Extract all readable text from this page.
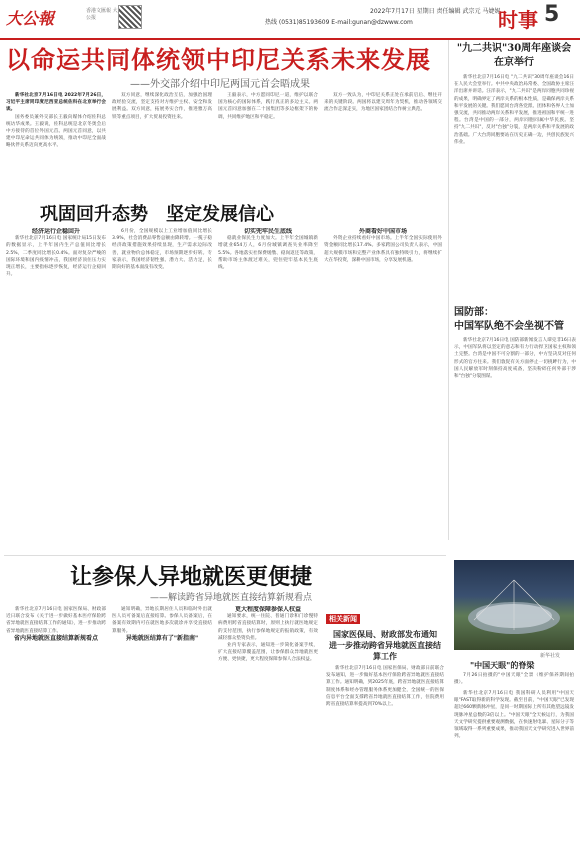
大公報	香港文匯報 大公报
2022年7月17日 星期日 责任编辑 武宗元 马婕妮
热线 (0531)85193609 E-mail:gunan@dzwww.com	时事 5
以命运共同体统领中印尼关系未来发展
——外交部介绍中印尼两国元首会晤成果

新华社北京7月16日电 2022年7月26日，习近平主席同印度尼西亚总统佐科在北京举行会谈。

国务委员兼外交部长王毅向媒体介绍佐科总统访华成果。王毅说，佐科总统是北京冬奥会后中方接待的首位外国元首。两国元首同意，以共建中印尼命运共同体为统领，推动中印尼全面战略伙伴关系迈向更高水平。

双方同意，继续深化政治互信，加强治国理政经验交流，坚定支持对方维护主权、安全和发展利益。双方同意，拓展务实合作，推进雅万高铁等重点项目，扩大贸易投资往来。

王毅表示，中方愿同印尼一道，维护以联合国为核心的国际体系，践行真正的多边主义。两国元首同意加强在二十国集团等多边框架下的协调，共同维护地区和平稳定。

双方一致认为，中印尼关系正处在承前启后、继往开来的关键阶段。两国将以建交周年为契机，推动各领域交流合作走深走实，为地区国家团结合作树立典范。

"九二共识"30周年座谈会在京举行

新华社北京7月16日电 "九二共识"30周年座谈会16日在人民大会堂举行。中共中央政治局常委、全国政协主席汪洋出席并讲话。汪洋表示，"九二共识"是两岸同胞共同珍视的成果，明确界定了两岸关系的根本性质，是确保两岸关系和平发展的关键。我们愿同台湾各党派、团体和各界人士加强交流，共同推动两岸关系和平发展，推进祖国和平统一进程。台湾是中国的一部分，两岸同胞同属中华民族。坚持"九二共识"，反对"台独"分裂，是两岸关系和平发展的政治基础。广大台湾同胞要站在历史正确一边，共创民族复兴伟业。

国防部：
中国军队绝不会坐视不管

新华社北京7月16日电 国防部新闻发言人谭克非16日表示，中国军队将以坚定的意志和有力行动捍卫国家主权和领土完整。台湾是中国不可分割的一部分，中方坚决反对任何形式的官方往来。我们敦促有关方面停止一切挑衅行为，中国人民解放军时刻保持高度戒备，坚决粉碎任何外部干涉和"台独"分裂图谋。

巩固回升态势　坚定发展信心
经济运行企稳回升

新华社北京7月16日电 国家统计局15日发布的数据显示，上半年国内生产总值同比增长2.5%，二季度同比增长0.4%。面对复杂严峻的国际环境和国内疫情冲击，我国经济顶住压力实现正增长，主要指标逐步恢复，经济运行企稳回升。

6月份，全国规模以上工业增加值同比增长3.9%，社会消费品零售总额由降转增。一揽子稳经济政策措施效果持续显现，生产需求边际改善，就业物价总体稳定，市场预期逐步好转。专家表示，我国经济韧性强、潜力大、活力足，长期向好的基本面没有改变。

切实兜牢民生底线

稳就业保民生力度加大。上半年全国城镇新增就业654万人，6月份城镇调查失业率降至5.5%。各地落实社保费缓缴、稳岗返还等政策，帮助市场主体渡过难关，兜住兜牢基本民生底线。

外商看好中国市场

外资企业持续看好中国市场。上半年全国实际使用外资金额同比增长17.4%。多家跨国公司负责人表示，中国超大规模市场和完整产业体系具有独特吸引力，将继续扩大在华投资，深耕中国市场，分享发展机遇。

新华社发
"中国天眼"的脊梁

7月26日拍摄的"中国天眼"全景（维护保养期间拍摄）。

新华社北京7月16日电 我国科研人员利用"中国天眼"FAST取得新的科学发现。截至目前，"中国天眼"已发现超过660颗新脉冲星，是同一时期国际上所有其他望远镜发现脉冲星总数的3倍以上。"中国天眼"全天候运行，为我国天文学研究提供重要观测数据，在快速射电暴、星际分子等领域取得一系列重要成果，推动我国天文学研究进入世界前列。

让参保人异地就医更便捷
——解读跨省异地就医直接结算新规看点

新华社北京7月16日电 国家医保局、财政部近日联合发布《关于进一步做好基本医疗保险跨省异地就医直接结算工作的通知》，进一步推动跨省异地就医直接结算工作。

省内异地就医直接结算新规看点

通知明确，异地长期居住人员和临时外出就医人员可备案后直接结算。参保人员备案后，在备案有效期内可在就医地多次就诊并享受直接结算服务。

异地就医结算有了"新指南"
更大程度保障参保人权益

通知要求，统一住院、普通门诊和门诊慢特病费用跨省直接结算时，原则上执行就医地规定的支付范围，执行参保地规定的报销政策，有效减轻群众垫资负担。

业内专家表示，通知进一步简化备案手续，扩大直接结算覆盖范围，让参保群众异地就医更方便、更快捷，更大程度保障参保人合法权益。

相关新闻
国家医保局、财政部发布通知
进一步推动跨省异地就医直接结算工作

新华社北京7月16日电 国家医保局、财政部日前联合发布通知，进一步做好基本医疗保险跨省异地就医直接结算工作。通知明确，到2025年底，跨省异地就医直接结算制度体系和经办管理服务体系更加健全，全国统一的医保信息平台全面支撑跨省异地就医直接结算工作，住院费用跨省直接结算率提高到70%以上。
